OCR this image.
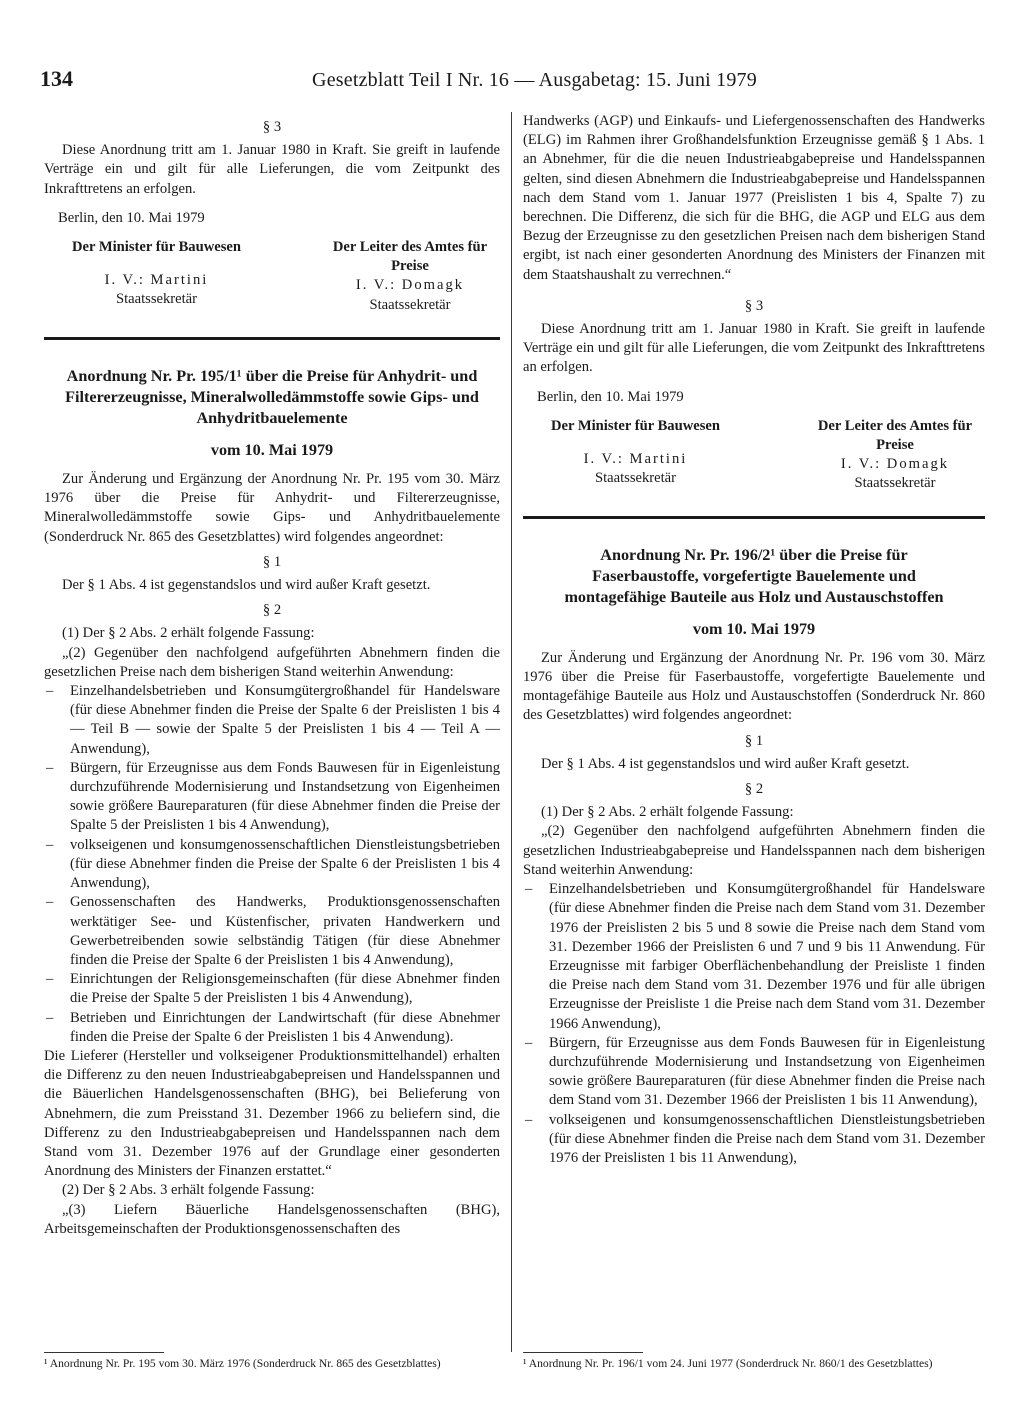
134	Gesetzblatt Teil I Nr. 16 — Ausgabetag: 15. Juni 1979
§ 3

Diese Anordnung tritt am 1. Januar 1980 in Kraft. Sie greift in laufende Verträge ein und gilt für alle Lieferungen, die vom Zeitpunkt des Inkrafttretens an erfolgen.

Berlin, den 10. Mai 1979
Der Minister für Bauwesen
I. V.: Martini
Staatssekretär
Der Leiter des Amtes für Preise
I. V.: Domagk
Staatssekretär
Anordnung Nr. Pr. 195/1¹ über die Preise für Anhydrit- und Filtererzeugnisse, Mineralwolledämmstoffe sowie Gips- und Anhydritbauelemente
vom 10. Mai 1979

Zur Änderung und Ergänzung der Anordnung Nr. Pr. 195 vom 30. März 1976 über die Preise für Anhydrit- und Filtererzeugnisse, Mineralwolledämmstoffe sowie Gips- und Anhydritbauelemente (Sonderdruck Nr. 865 des Gesetzblattes) wird folgendes angeordnet:

§ 1

Der § 1 Abs. 4 ist gegenstandslos und wird außer Kraft gesetzt.

§ 2

(1) Der § 2 Abs. 2 erhält folgende Fassung:

„(2) Gegenüber den nachfolgend aufgeführten Abnehmern finden die gesetzlichen Preise nach dem bisherigen Stand weiterhin Anwendung:

– Einzelhandelsbetrieben und Konsumgütergroßhandel für Handelsware (für diese Abnehmer finden die Preise der Spalte 6 der Preislisten 1 bis 4 — Teil B — sowie der Spalte 5 der Preislisten 1 bis 4 — Teil A — Anwendung),
– Bürgern, für Erzeugnisse aus dem Fonds Bauwesen für in Eigenleistung durchzuführende Modernisierung und Instandsetzung von Eigenheimen sowie größere Baureparaturen (für diese Abnehmer finden die Preise der Spalte 5 der Preislisten 1 bis 4 Anwendung),
– volkseigenen und konsumgenossenschaftlichen Dienstleistungsbetrieben (für diese Abnehmer finden die Preise der Spalte 6 der Preislisten 1 bis 4 Anwendung),
– Genossenschaften des Handwerks, Produktionsgenossenschaften werktätiger See- und Küstenfischer, privaten Handwerkern und Gewerbetreibenden sowie selbständig Tätigen (für diese Abnehmer finden die Preise der Spalte 6 der Preislisten 1 bis 4 Anwendung),
– Einrichtungen der Religionsgemeinschaften (für diese Abnehmer finden die Preise der Spalte 5 der Preislisten 1 bis 4 Anwendung),
– Betrieben und Einrichtungen der Landwirtschaft (für diese Abnehmer finden die Preise der Spalte 6 der Preislisten 1 bis 4 Anwendung).

Die Lieferer (Hersteller und volkseigener Produktionsmittelhandel) erhalten die Differenz zu den neuen Industrieabgabepreisen und Handelsspannen und die Bäuerlichen Handelsgenossenschaften (BHG), bei Belieferung von Abnehmern, die zum Preisstand 31. Dezember 1966 zu beliefern sind, die Differenz zu den Industrieabgabepreisen und Handelsspannen nach dem Stand vom 31. Dezember 1976 auf der Grundlage einer gesonderten Anordnung des Ministers der Finanzen erstattet.“

(2) Der § 2 Abs. 3 erhält folgende Fassung:

„(3) Liefern Bäuerliche Handelsgenossenschaften (BHG), Arbeitsgemeinschaften der Produktionsgenossenschaften des

Handwerks (AGP) und Einkaufs- und Liefergenossenschaften des Handwerks (ELG) im Rahmen ihrer Großhandelsfunktion Erzeugnisse gemäß § 1 Abs. 1 an Abnehmer, für die die neuen Industrieabgabepreise und Handelsspannen gelten, sind diesen Abnehmern die Industrieabgabepreise und Handelsspannen nach dem Stand vom 1. Januar 1977 (Preislisten 1 bis 4, Spalte 7) zu berechnen. Die Differenz, die sich für die BHG, die AGP und ELG aus dem Bezug der Erzeugnisse zu den gesetzlichen Preisen nach dem bisherigen Stand ergibt, ist nach einer gesonderten Anordnung des Ministers der Finanzen mit dem Staatshaushalt zu verrechnen.“

§ 3

Diese Anordnung tritt am 1. Januar 1980 in Kraft. Sie greift in laufende Verträge ein und gilt für alle Lieferungen, die vom Zeitpunkt des Inkrafttretens an erfolgen.

Berlin, den 10. Mai 1979
Der Minister für Bauwesen
I. V.: Martini
Staatssekretär
Der Leiter des Amtes für Preise
I. V.: Domagk
Staatssekretär
Anordnung Nr. Pr. 196/2¹ über die Preise für Faserbaustoffe, vorgefertigte Bauelemente und montagefähige Bauteile aus Holz und Austauschstoffen
vom 10. Mai 1979

Zur Änderung und Ergänzung der Anordnung Nr. Pr. 196 vom 30. März 1976 über die Preise für Faserbaustoffe, vorgefertigte Bauelemente und montagefähige Bauteile aus Holz und Austauschstoffen (Sonderdruck Nr. 860 des Gesetzblattes) wird folgendes angeordnet:

§ 1

Der § 1 Abs. 4 ist gegenstandslos und wird außer Kraft gesetzt.

§ 2

(1) Der § 2 Abs. 2 erhält folgende Fassung:

„(2) Gegenüber den nachfolgend aufgeführten Abnehmern finden die gesetzlichen Industrieabgabepreise und Handelsspannen nach dem bisherigen Stand weiterhin Anwendung:

– Einzelhandelsbetrieben und Konsumgütergroßhandel für Handelsware (für diese Abnehmer finden die Preise nach dem Stand vom 31. Dezember 1976 der Preislisten 2 bis 5 und 8 sowie die Preise nach dem Stand vom 31. Dezember 1966 der Preislisten 6 und 7 und 9 bis 11 Anwendung. Für Erzeugnisse mit farbiger Oberflächenbehandlung der Preisliste 1 finden die Preise nach dem Stand vom 31. Dezember 1976 und für alle übrigen Erzeugnisse der Preisliste 1 die Preise nach dem Stand vom 31. Dezember 1966 Anwendung),
– Bürgern, für Erzeugnisse aus dem Fonds Bauwesen für in Eigenleistung durchzuführende Modernisierung und Instandsetzung von Eigenheimen sowie größere Baureparaturen (für diese Abnehmer finden die Preise nach dem Stand vom 31. Dezember 1966 der Preislisten 1 bis 11 Anwendung),
– volkseigenen und konsumgenossenschaftlichen Dienstleistungsbetrieben (für diese Abnehmer finden die Preise nach dem Stand vom 31. Dezember 1976 der Preislisten 1 bis 11 Anwendung),
¹ Anordnung Nr. Pr. 195 vom 30. März 1976 (Sonderdruck Nr. 865 des Gesetzblattes)	¹ Anordnung Nr. Pr. 196/1 vom 24. Juni 1977 (Sonderdruck Nr. 860/1 des Gesetzblattes)
